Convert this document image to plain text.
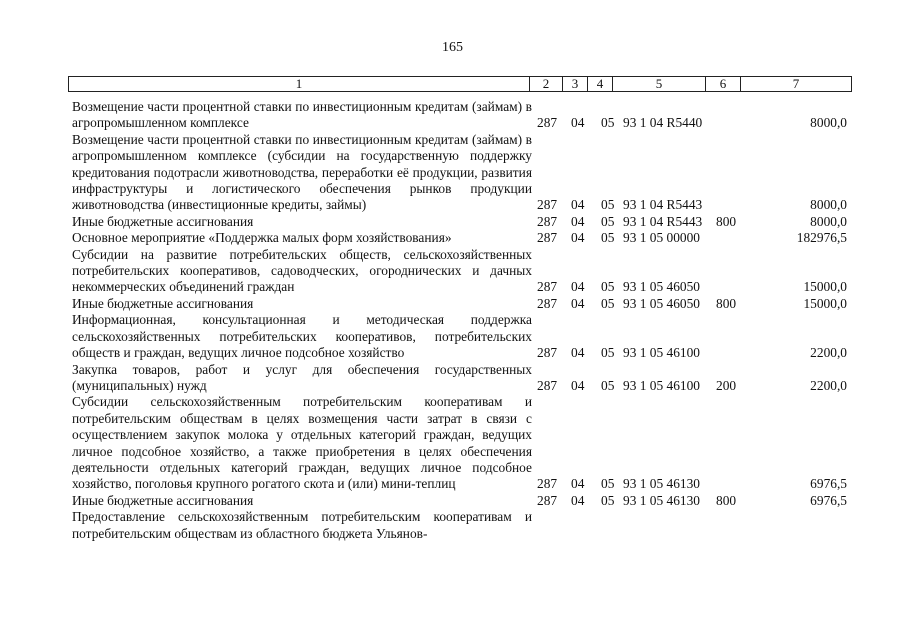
165
1	2	3	4	5	6	7
Возмещение части процентной ставки по инвестиционным кредитам (займам) в агропромышленном комплексе	287 04 05 93 1 04 R5440	8000,0
Возмещение части процентной ставки по инвестиционным кредитам (займам) в агропромышленном комплексе (субсидии на государственную поддержку кредитования подотрасли животноводства, переработки её продукции, развития инфраструктуры и логистического обеспечения рынков продукции животноводства (инвестиционные кредиты, займы)	287 04 05 93 1 04 R5443	8000,0
Иные бюджетные ассигнования	287 04 05 93 1 04 R5443 800	8000,0
Основное мероприятие «Поддержка малых форм хозяйствования»	287 04 05 93 1 05 00000	182976,5
Субсидии на развитие потребительских обществ, сельскохозяйственных потребительских кооперативов, садоводческих, огороднических и дачных некоммерческих объединений граждан	287 04 05 93 1 05 46050	15000,0
Иные бюджетные ассигнования	287 04 05 93 1 05 46050 800	15000,0
Информационная, консультационная и методическая поддержка сельскохозяйственных потребительских кооперативов, потребительских обществ и граждан, ведущих личное подсобное хозяйство	287 04 05 93 1 05 46100	2200,0
Закупка товаров, работ и услуг для обеспечения государственных (муниципальных) нужд	287 04 05 93 1 05 46100 200	2200,0
Субсидии сельскохозяйственным потребительским кооперативам и потребительским обществам в целях возмещения части затрат в связи с осуществлением закупок молока у отдельных категорий граждан, ведущих личное подсобное хозяйство, а также приобретения в целях обеспечения деятельности отдельных категорий граждан, ведущих личное подсобное хозяйство, поголовья крупного рогатого скота и (или) мини-теплиц	287 04 05 93 1 05 46130	6976,5
Иные бюджетные ассигнования	287 04 05 93 1 05 46130 800	6976,5
Предоставление сельскохозяйственным потребительским кооперативам и потребительским обществам из областного бюджета Ульянов-
